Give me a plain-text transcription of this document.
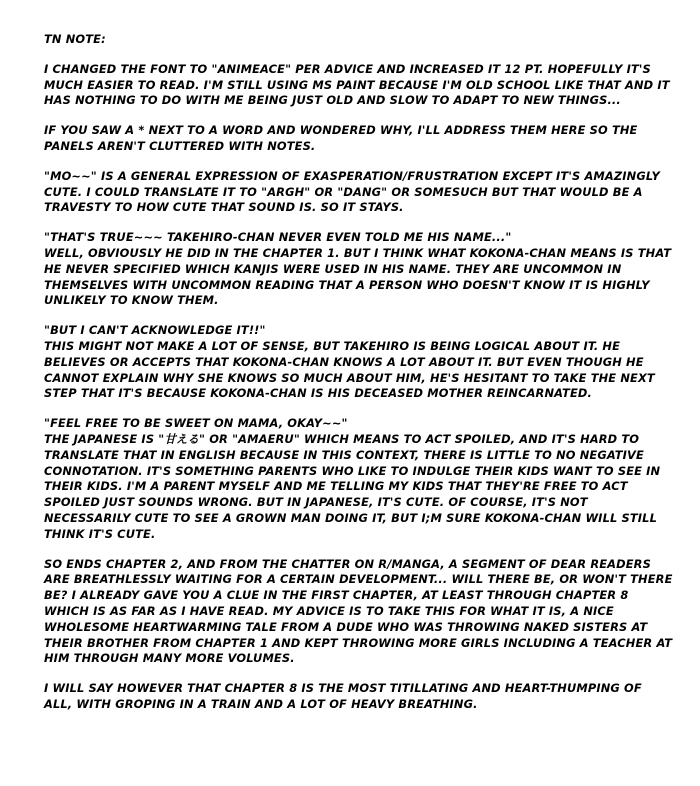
TN NOTE:

I CHANGED THE FONT TO "ANIMEACE" PER ADVICE AND INCREASED IT 12 PT. HOPEFULLY IT'S MUCH EASIER TO READ. I'M STILL USING MS PAINT BECAUSE I'M OLD SCHOOL LIKE THAT AND IT HAS NOTHING TO DO WITH ME BEING JUST OLD AND SLOW TO ADAPT TO NEW THINGS...

IF YOU SAW A * NEXT TO A WORD AND WONDERED WHY, I'LL ADDRESS THEM HERE SO THE PANELS AREN'T CLUTTERED WITH NOTES.

"MO~~" IS A GENERAL EXPRESSION OF EXASPERATION/FRUSTRATION EXCEPT IT'S AMAZINGLY CUTE. I COULD TRANSLATE IT TO "ARGH" OR "DANG" OR SOMESUCH BUT THAT WOULD BE A TRAVESTY TO HOW CUTE THAT SOUND IS. SO IT STAYS.

"THAT'S TRUE~~~ TAKEHIRO-CHAN NEVER EVEN TOLD ME HIS NAME..."
WELL, OBVIOUSLY HE DID IN THE CHAPTER 1. BUT I THINK WHAT KOKONA-CHAN MEANS IS THAT HE NEVER SPECIFIED WHICH KANJIS WERE USED IN HIS NAME. THEY ARE UNCOMMON IN THEMSELVES WITH UNCOMMON READING THAT A PERSON WHO DOESN'T KNOW IT IS HIGHLY UNLIKELY TO KNOW THEM.

"BUT I CAN'T ACKNOWLEDGE IT!!"
THIS MIGHT NOT MAKE A LOT OF SENSE, BUT TAKEHIRO IS BEING LOGICAL ABOUT IT. HE BELIEVES OR ACCEPTS THAT KOKONA-CHAN KNOWS A LOT ABOUT IT. BUT EVEN THOUGH HE CANNOT EXPLAIN WHY SHE KNOWS SO MUCH ABOUT HIM, HE'S HESITANT TO TAKE THE NEXT STEP THAT IT'S BECAUSE KOKONA-CHAN IS HIS DECEASED MOTHER REINCARNATED.

"FEEL FREE TO BE SWEET ON MAMA, OKAY~~"
THE JAPANESE IS "甘える" OR "AMAERU" WHICH MEANS TO ACT SPOILED, AND IT'S HARD TO TRANSLATE THAT IN ENGLISH BECAUSE IN THIS CONTEXT, THERE IS LITTLE TO NO NEGATIVE CONNOTATION. IT'S SOMETHING PARENTS WHO LIKE TO INDULGE THEIR KIDS WANT TO SEE IN THEIR KIDS. I'M A PARENT MYSELF AND ME TELLING MY KIDS THAT THEY'RE FREE TO ACT SPOILED JUST SOUNDS WRONG. BUT IN JAPANESE, IT'S CUTE. OF COURSE, IT'S NOT NECESSARILY CUTE TO SEE A GROWN MAN DOING IT, BUT I;M SURE KOKONA-CHAN WILL STILL THINK IT'S CUTE.

SO ENDS CHAPTER 2, AND FROM THE CHATTER ON R/MANGA, A SEGMENT OF DEAR READERS ARE BREATHLESSLY WAITING FOR A CERTAIN DEVELOPMENT... WILL THERE BE, OR WON'T THERE BE? I ALREADY GAVE YOU A CLUE IN THE FIRST CHAPTER, AT LEAST THROUGH CHAPTER 8 WHICH IS AS FAR AS I HAVE READ. MY ADVICE IS TO TAKE THIS FOR WHAT IT IS, A NICE WHOLESOME HEARTWARMING TALE FROM A DUDE WHO WAS THROWING NAKED SISTERS AT THEIR BROTHER FROM CHAPTER 1 AND KEPT THROWING MORE GIRLS INCLUDING A TEACHER AT HIM THROUGH MANY MORE VOLUMES.

I WILL SAY HOWEVER THAT CHAPTER 8 IS THE MOST TITILLATING AND HEART-THUMPING OF ALL, WITH GROPING IN A TRAIN AND A LOT OF HEAVY BREATHING.
